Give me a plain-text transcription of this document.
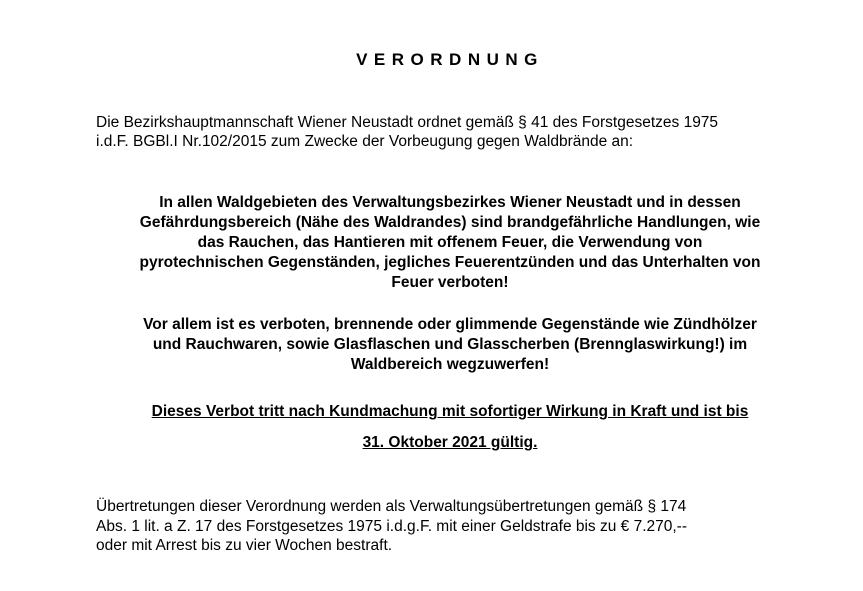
VERORDNUNG

Die Bezirkshauptmannschaft Wiener Neustadt ordnet gemäß § 41 des Forstgesetzes 1975

i.d.F. BGBl.I Nr.102/2015 zum Zwecke der Vorbeugung gegen Waldbrände an:

In allen Waldgebieten des Verwaltungsbezirkes Wiener Neustadt und in dessen

Gefährdungsbereich (Nähe des Waldrandes) sind brandgefährliche Handlungen, wie

das Rauchen, das Hantieren mit offenem Feuer, die Verwendung von

pyrotechnischen Gegenständen, jegliches Feuerentzünden und das Unterhalten von

Feuer verboten!

Vor allem ist es verboten, brennende oder glimmende Gegenstände wie Zündhölzer

und Rauchwaren, sowie Glasflaschen und Glasscherben (Brennglaswirkung!) im

Waldbereich wegzuwerfen!

Dieses Verbot tritt nach Kundmachung mit sofortiger Wirkung in Kraft und ist bis

31. Oktober 2021 gültig.

Übertretungen dieser Verordnung werden als Verwaltungsübertretungen gemäß § 174

Abs. 1 lit. a Z. 17 des Forstgesetzes 1975 i.d.g.F. mit einer Geldstrafe bis zu € 7.270,--

oder mit Arrest bis zu vier Wochen bestraft.
